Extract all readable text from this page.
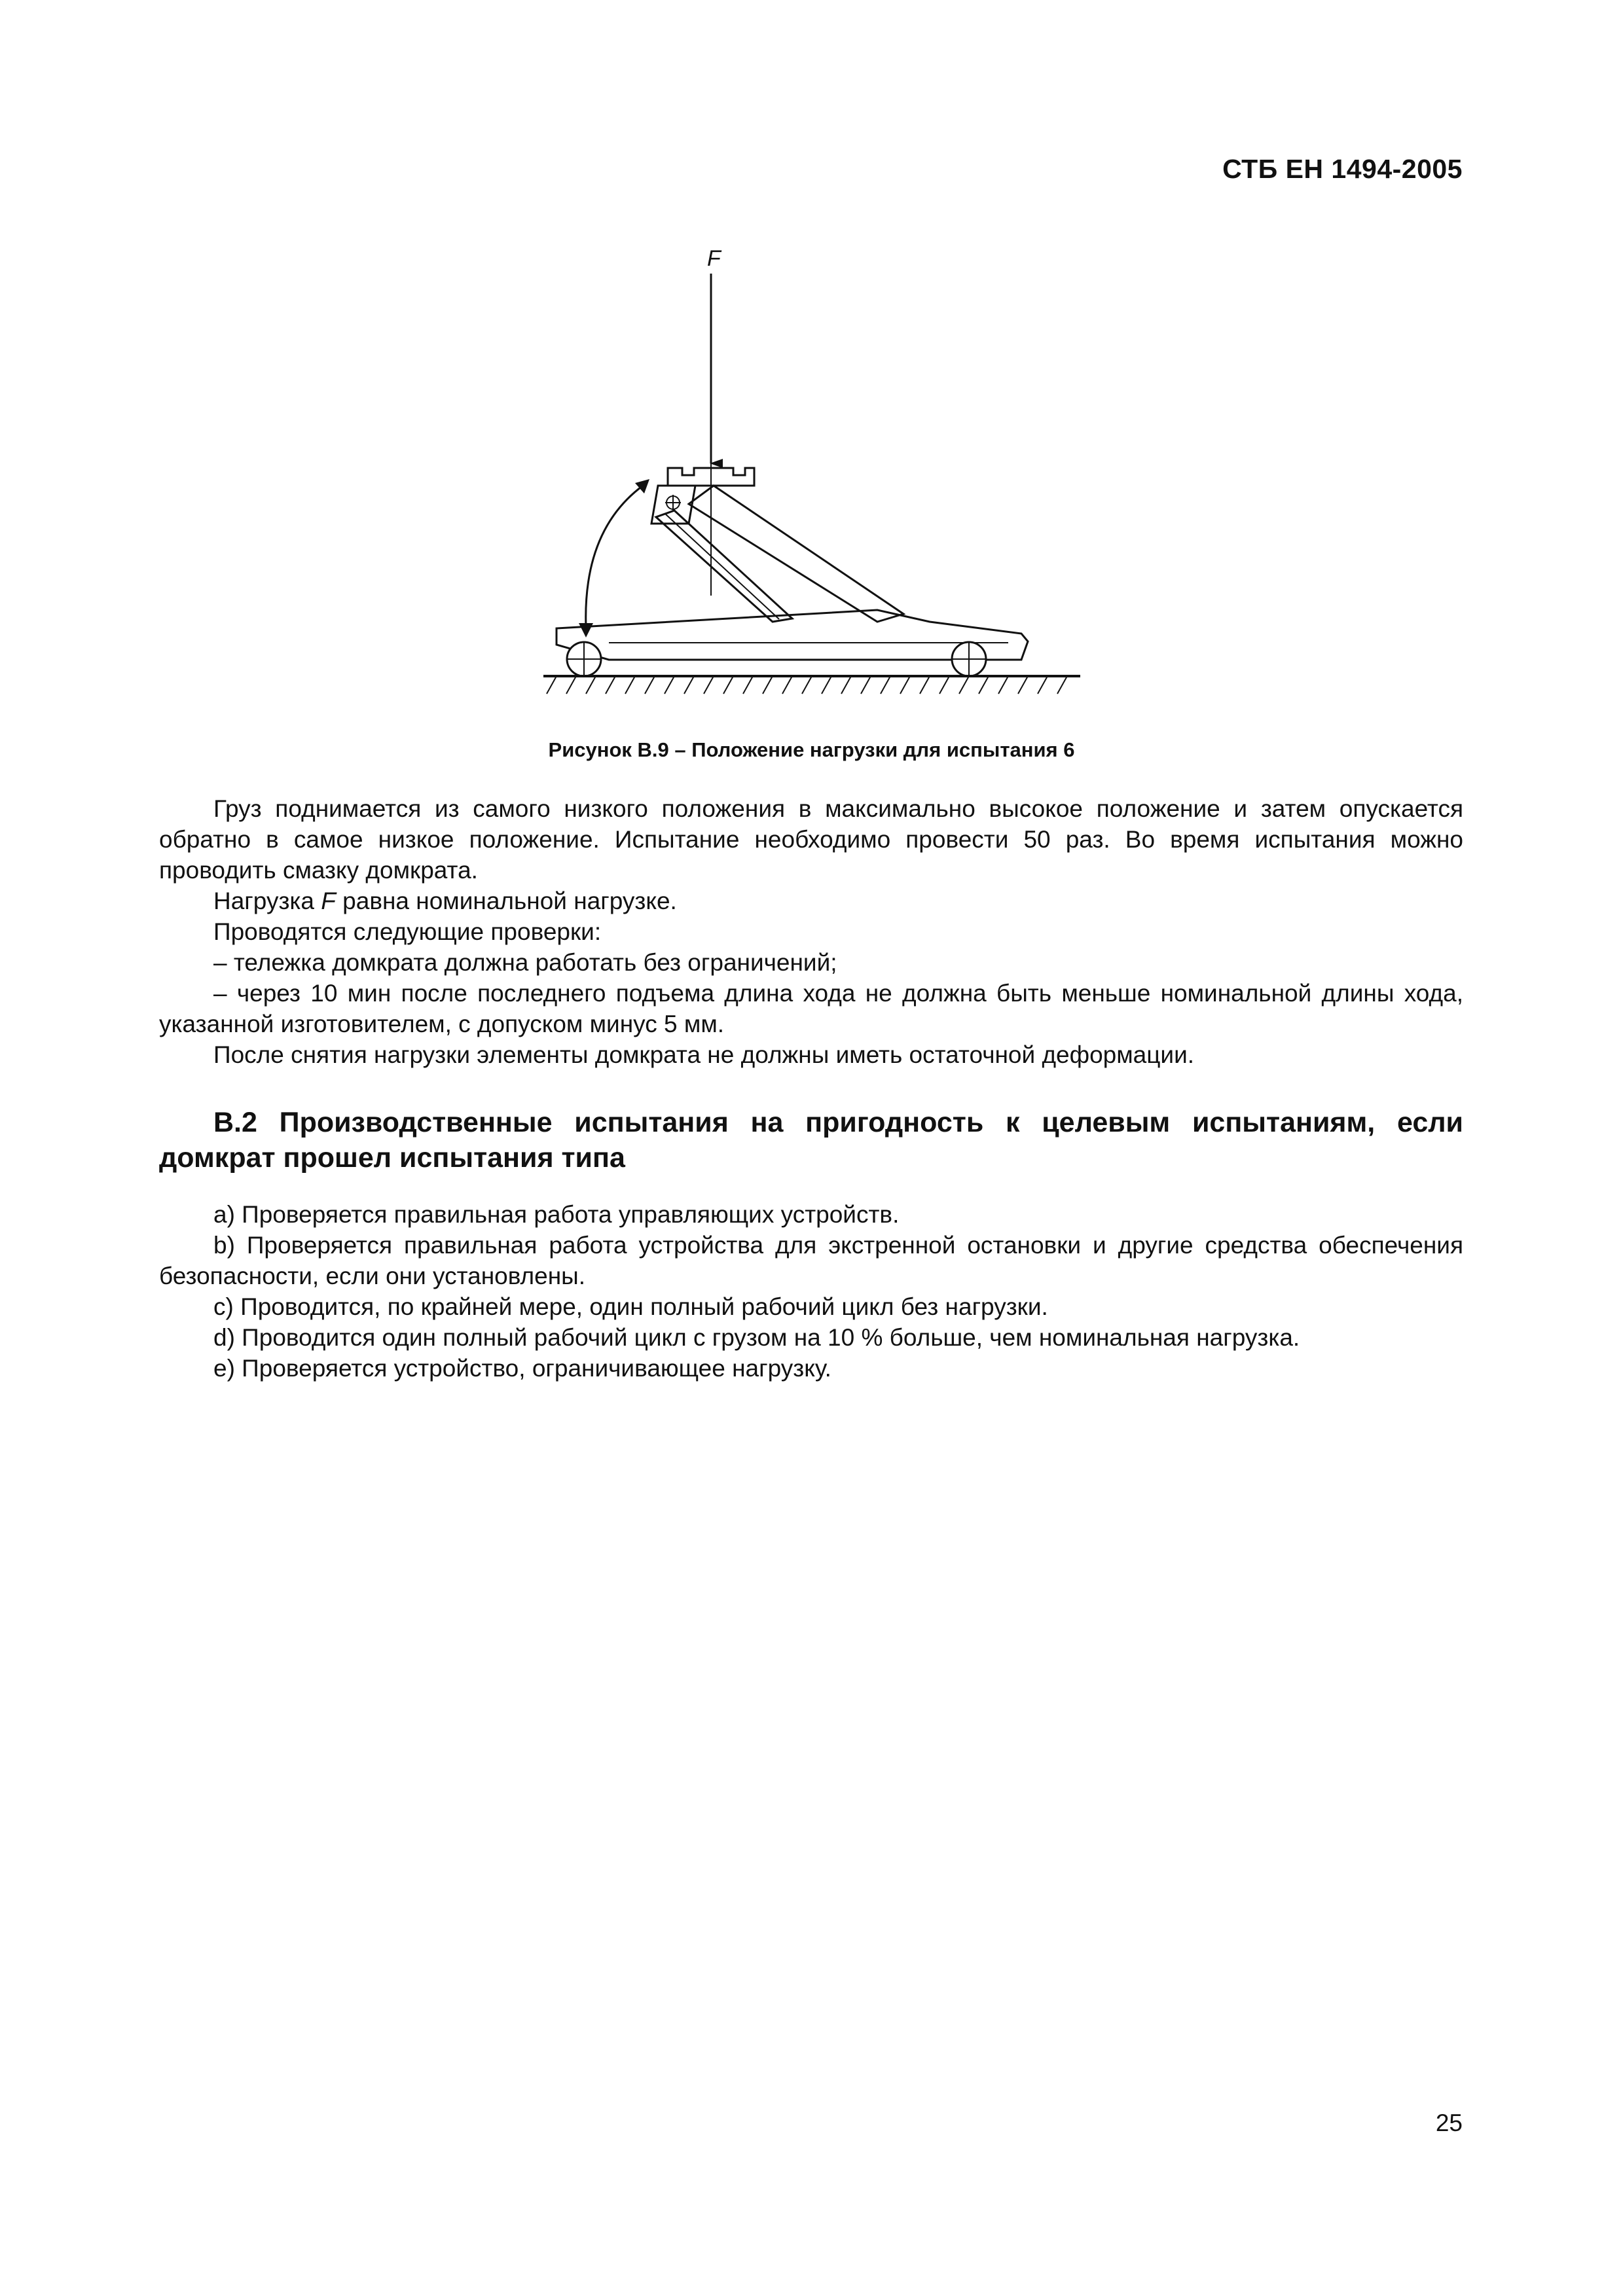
СТБ ЕН 1494-2005
F
Рисунок В.9 – Положение нагрузки для испытания 6

Груз поднимается из самого низкого положения в максимально высокое положение и затем опускается обратно в самое низкое положение. Испытание необходимо провести 50 раз. Во время испытания можно проводить смазку домкрата.

Нагрузка F равна номинальной нагрузке.

Проводятся следующие проверки:

– тележка домкрата должна работать без ограничений;

– через 10 мин после последнего подъема длина хода не должна быть меньше номинальной длины хода, указанной изготовителем, с допуском минус 5 мм.

После снятия нагрузки элементы домкрата не должны иметь остаточной деформации.

В.2 Производственные испытания на пригодность к целевым испытаниям, если домкрат прошел испытания типа

a) Проверяется правильная работа управляющих устройств.

b) Проверяется правильная работа устройства для экстренной остановки и другие средства обеспечения безопасности, если они установлены.

c) Проводится, по крайней мере, один полный рабочий цикл без нагрузки.

d) Проводится один полный рабочий цикл с грузом на 10 % больше, чем номинальная нагрузка.

e) Проверяется устройство, ограничивающее нагрузку.

25
